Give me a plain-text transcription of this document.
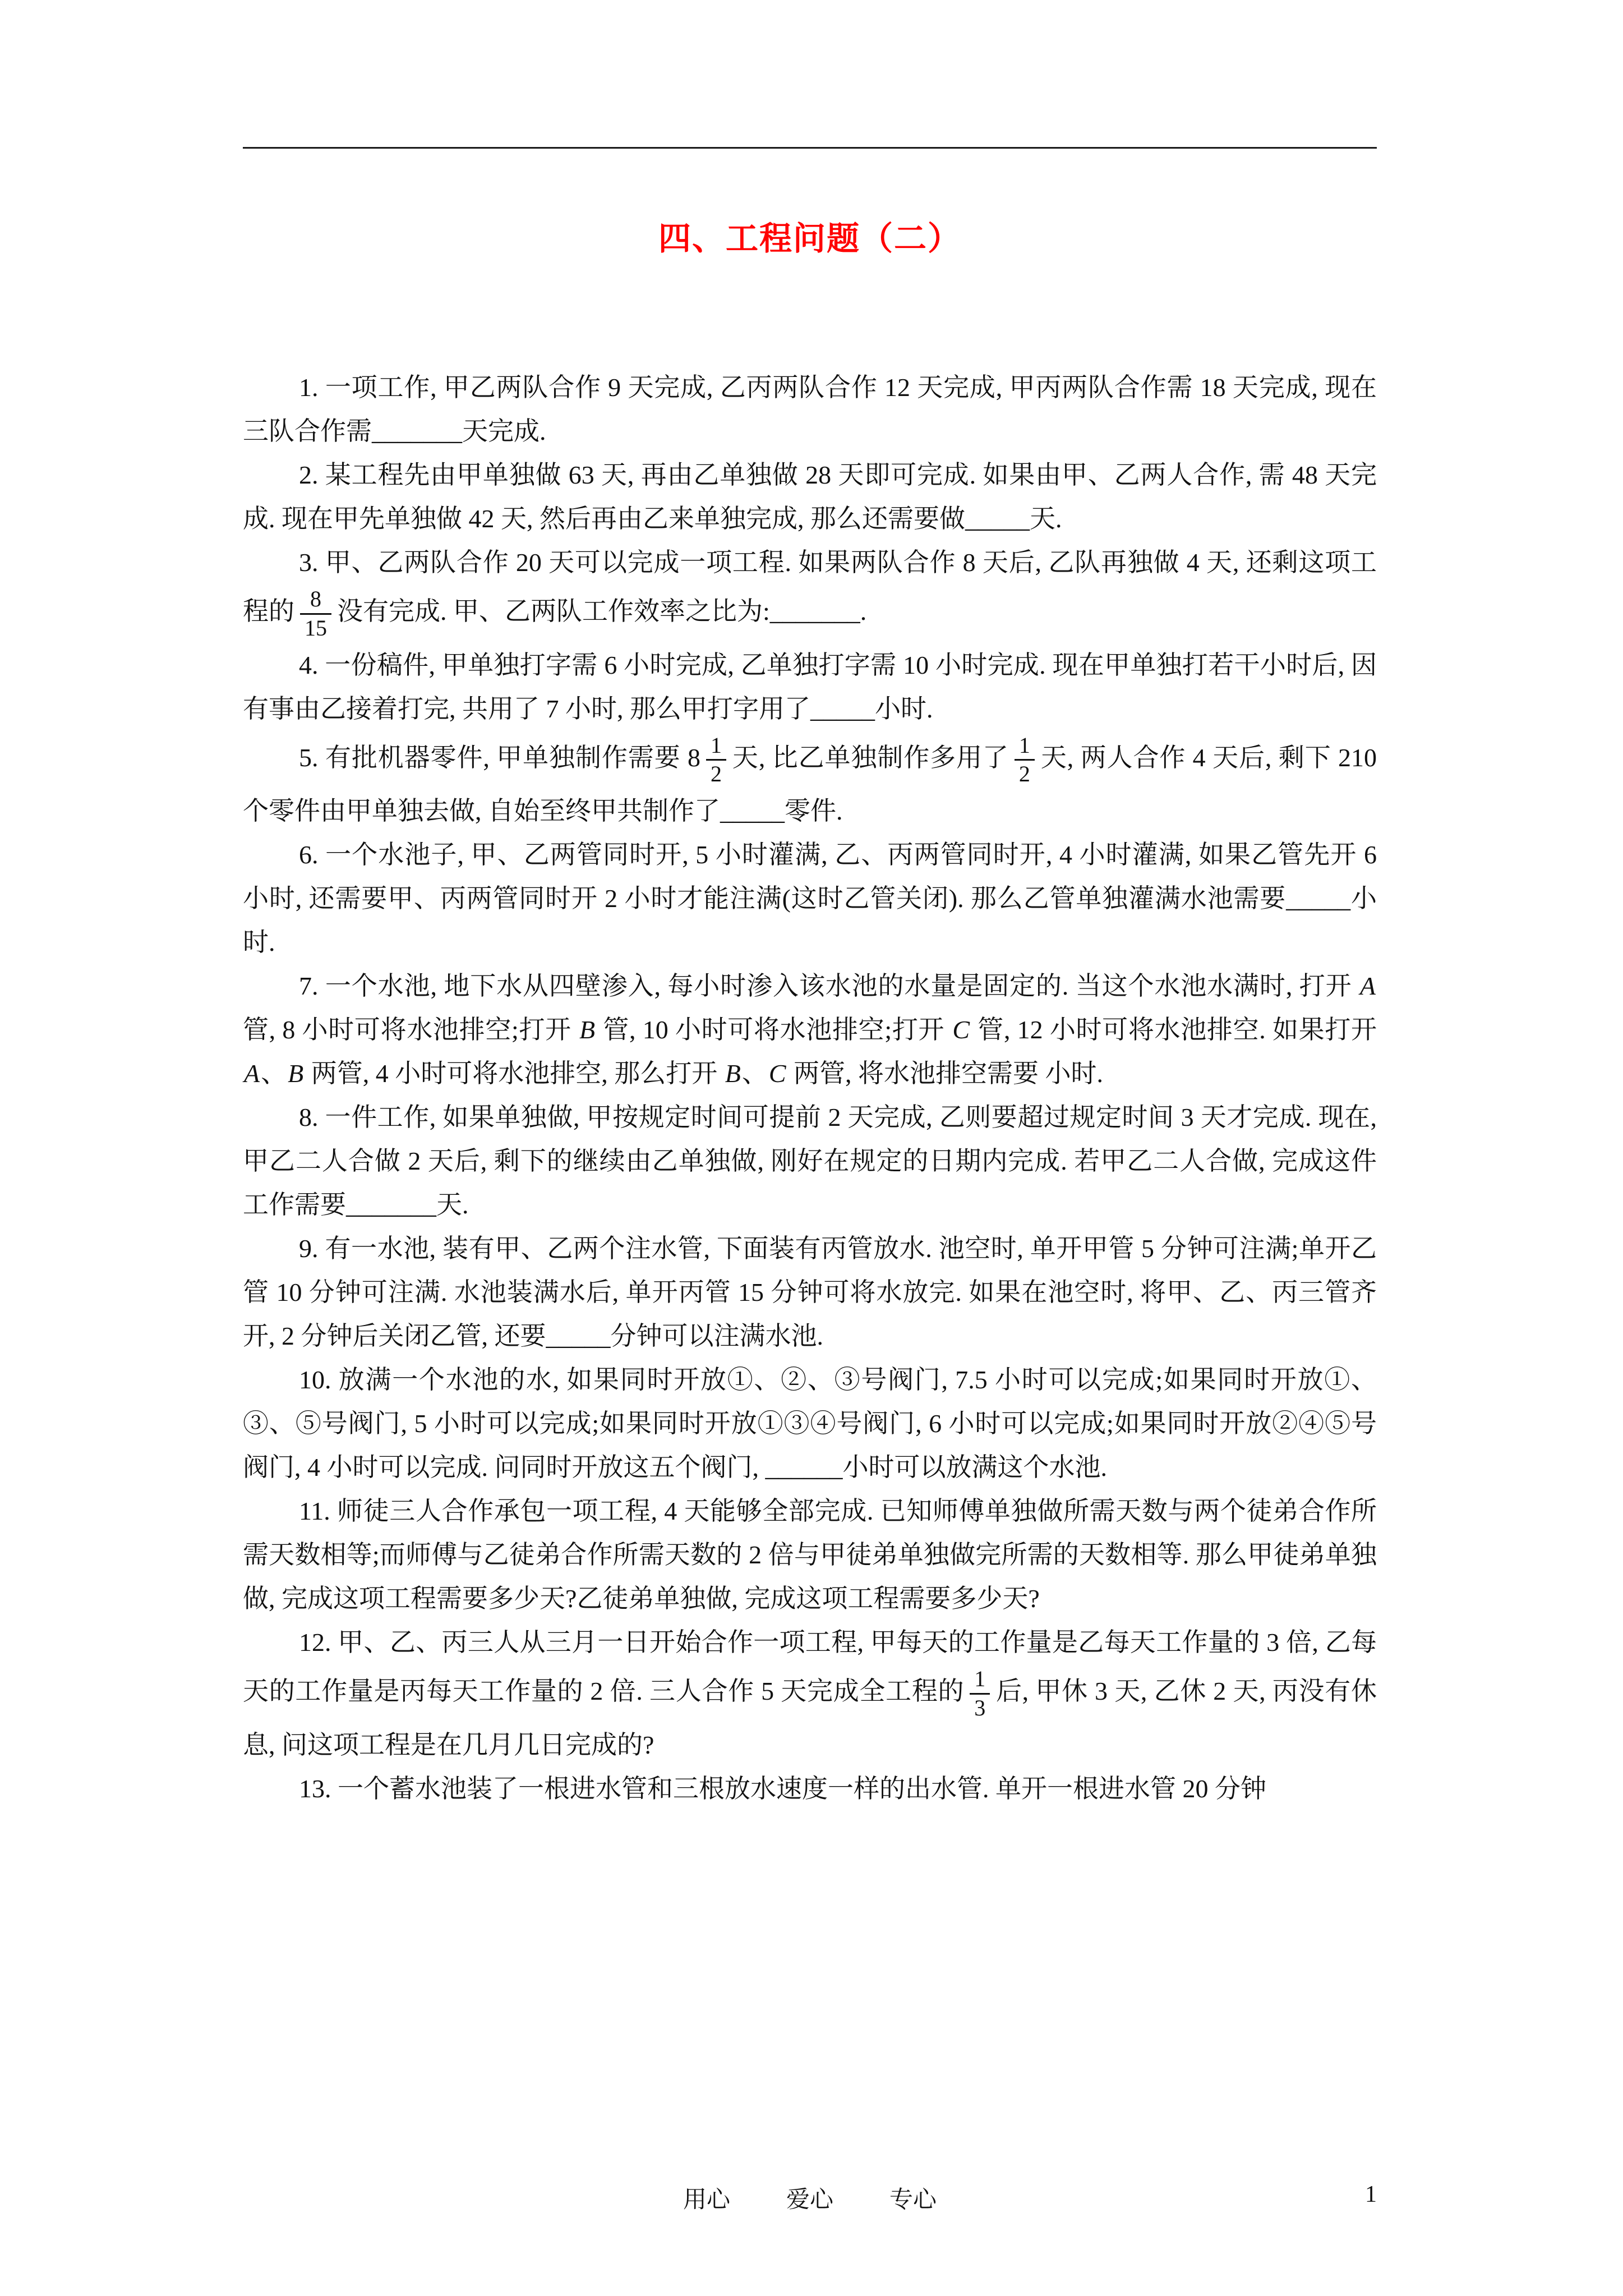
四、工程问题（二）

1. 一项工作, 甲乙两队合作 9 天完成, 乙丙两队合作 12 天完成, 甲丙两队合作需 18 天完成, 现在三队合作需_______天完成.

2. 某工程先由甲单独做 63 天, 再由乙单独做 28 天即可完成. 如果由甲、乙两人合作, 需 48 天完成. 现在甲先单独做 42 天, 然后再由乙来单独完成, 那么还需要做_____天.

3. 甲、乙两队合作 20 天可以完成一项工程. 如果两队合作 8 天后, 乙队再独做 4 天, 还剩这项工程的 $\frac{8}{15}$ 没有完成. 甲、乙两队工作效率之比为:_______.

4. 一份稿件, 甲单独打字需 6 小时完成, 乙单独打字需 10 小时完成. 现在甲单独打若干小时后, 因有事由乙接着打完, 共用了 7 小时, 那么甲打字用了_____小时.

5. 有批机器零件, 甲单独制作需要 $8 \frac{1}{2}$ 天, 比乙单独制作多用了 $\frac{1}{2}$ 天, 两人合作 4 天后, 剩下 210 个零件由甲单独去做, 自始至终甲共制作了_____零件.

6. 一个水池子, 甲、乙两管同时开, 5 小时灌满, 乙、丙两管同时开, 4 小时灌满, 如果乙管先开 6 小时, 还需要甲、丙两管同时开 2 小时才能注满(这时乙管关闭). 那么乙管单独灌满水池需要_____小时.

7. 一个水池, 地下水从四壁渗入, 每小时渗入该水池的水量是固定的. 当这个水池水满时, 打开 A 管, 8 小时可将水池排空;打开 B 管, 10 小时可将水池排空;打开 C 管, 12 小时可将水池排空. 如果打开 A、B 两管, 4 小时可将水池排空, 那么打开 B、C 两管, 将水池排空需要 小时.

8. 一件工作, 如果单独做, 甲按规定时间可提前 2 天完成, 乙则要超过规定时间 3 天才完成. 现在, 甲乙二人合做 2 天后, 剩下的继续由乙单独做, 刚好在规定的日期内完成. 若甲乙二人合做, 完成这件工作需要_______天.

9. 有一水池, 装有甲、乙两个注水管, 下面装有丙管放水. 池空时, 单开甲管 5 分钟可注满;单开乙管 10 分钟可注满. 水池装满水后, 单开丙管 15 分钟可将水放完. 如果在池空时, 将甲、乙、丙三管齐开, 2 分钟后关闭乙管, 还要_____分钟可以注满水池.

10. 放满一个水池的水, 如果同时开放①、②、③号阀门, 7.5 小时可以完成;如果同时开放①、③、⑤号阀门, 5 小时可以完成;如果同时开放①③④号阀门, 6 小时可以完成;如果同时开放②④⑤号阀门, 4 小时可以完成. 问同时开放这五个阀门, ______小时可以放满这个水池.

11. 师徒三人合作承包一项工程, 4 天能够全部完成. 已知师傅单独做所需天数与两个徒弟合作所需天数相等;而师傅与乙徒弟合作所需天数的 2 倍与甲徒弟单独做完所需的天数相等. 那么甲徒弟单独做, 完成这项工程需要多少天?乙徒弟单独做, 完成这项工程需要多少天?

12. 甲、乙、丙三人从三月一日开始合作一项工程, 甲每天的工作量是乙每天工作量的 3 倍, 乙每天的工作量是丙每天工作量的 2 倍. 三人合作 5 天完成全工程的 $\frac{1}{3}$ 后, 甲休 3 天, 乙休 2 天, 丙没有休息, 问这项工程是在几月几日完成的?

13. 一个蓄水池装了一根进水管和三根放水速度一样的出水管. 单开一根进水管 20 分钟

用心 爱心 专心	1
